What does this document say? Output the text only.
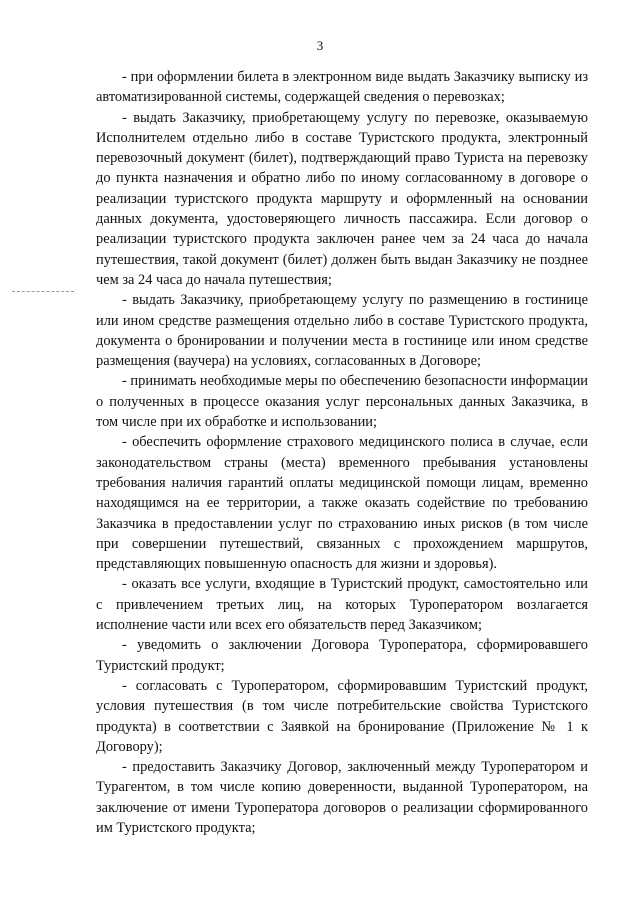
3

- при оформлении билета в электронном виде выдать Заказчику выписку из автоматизированной системы, содержащей сведения о перевозках;

- выдать Заказчику, приобретающему услугу по перевозке, оказываемую Исполнителем отдельно либо в составе Туристского продукта, электронный перевозочный документ (билет), подтверждающий право Туриста на перевозку до пункта назначения и обратно либо по иному согласованному в договоре о реализации туристского продукта маршруту и оформленный на основании данных документа, удостоверяющего личность пассажира. Если договор о реализации туристского продукта заключен ранее чем за 24 часа до начала путешествия, такой документ (билет) должен быть выдан Заказчику не позднее чем за 24 часа до начала путешествия;

- выдать Заказчику, приобретающему услугу по размещению в гостинице или ином средстве размещения отдельно либо в составе Туристского продукта, документа о бронировании и получении места в гостинице или ином средстве размещения (ваучера) на условиях, согласованных в Договоре;

- принимать необходимые меры по обеспечению безопасности информации о полученных в процессе оказания услуг персональных данных Заказчика, в том числе при их обработке и использовании;

- обеспечить оформление страхового медицинского полиса в случае, если законодательством страны (места) временного пребывания установлены требования наличия гарантий оплаты медицинской помощи лицам, временно находящимся на ее территории, а также оказать содействие по требованию Заказчика в предоставлении услуг по страхованию иных рисков (в том числе при совершении путешествий, связанных с прохождением маршрутов, представляющих повышенную опасность для жизни и здоровья).

- оказать все услуги, входящие в Туристский продукт, самостоятельно или с привлечением третьих лиц, на которых Туроператором возлагается исполнение части или всех его обязательств перед Заказчиком;

- уведомить о заключении Договора Туроператора, сформировавшего Туристский продукт;

- согласовать с Туроператором, сформировавшим Туристский продукт, условия путешествия (в том числе потребительские свойства Туристского продукта) в соответствии с Заявкой на бронирование (Приложение № 1 к Договору);

- предоставить Заказчику Договор, заключенный между Туроператором и Турагентом, в том числе копию доверенности, выданной Туроператором, на заключение от имени Туроператора договоров о реализации сформированного им Туристского продукта;
